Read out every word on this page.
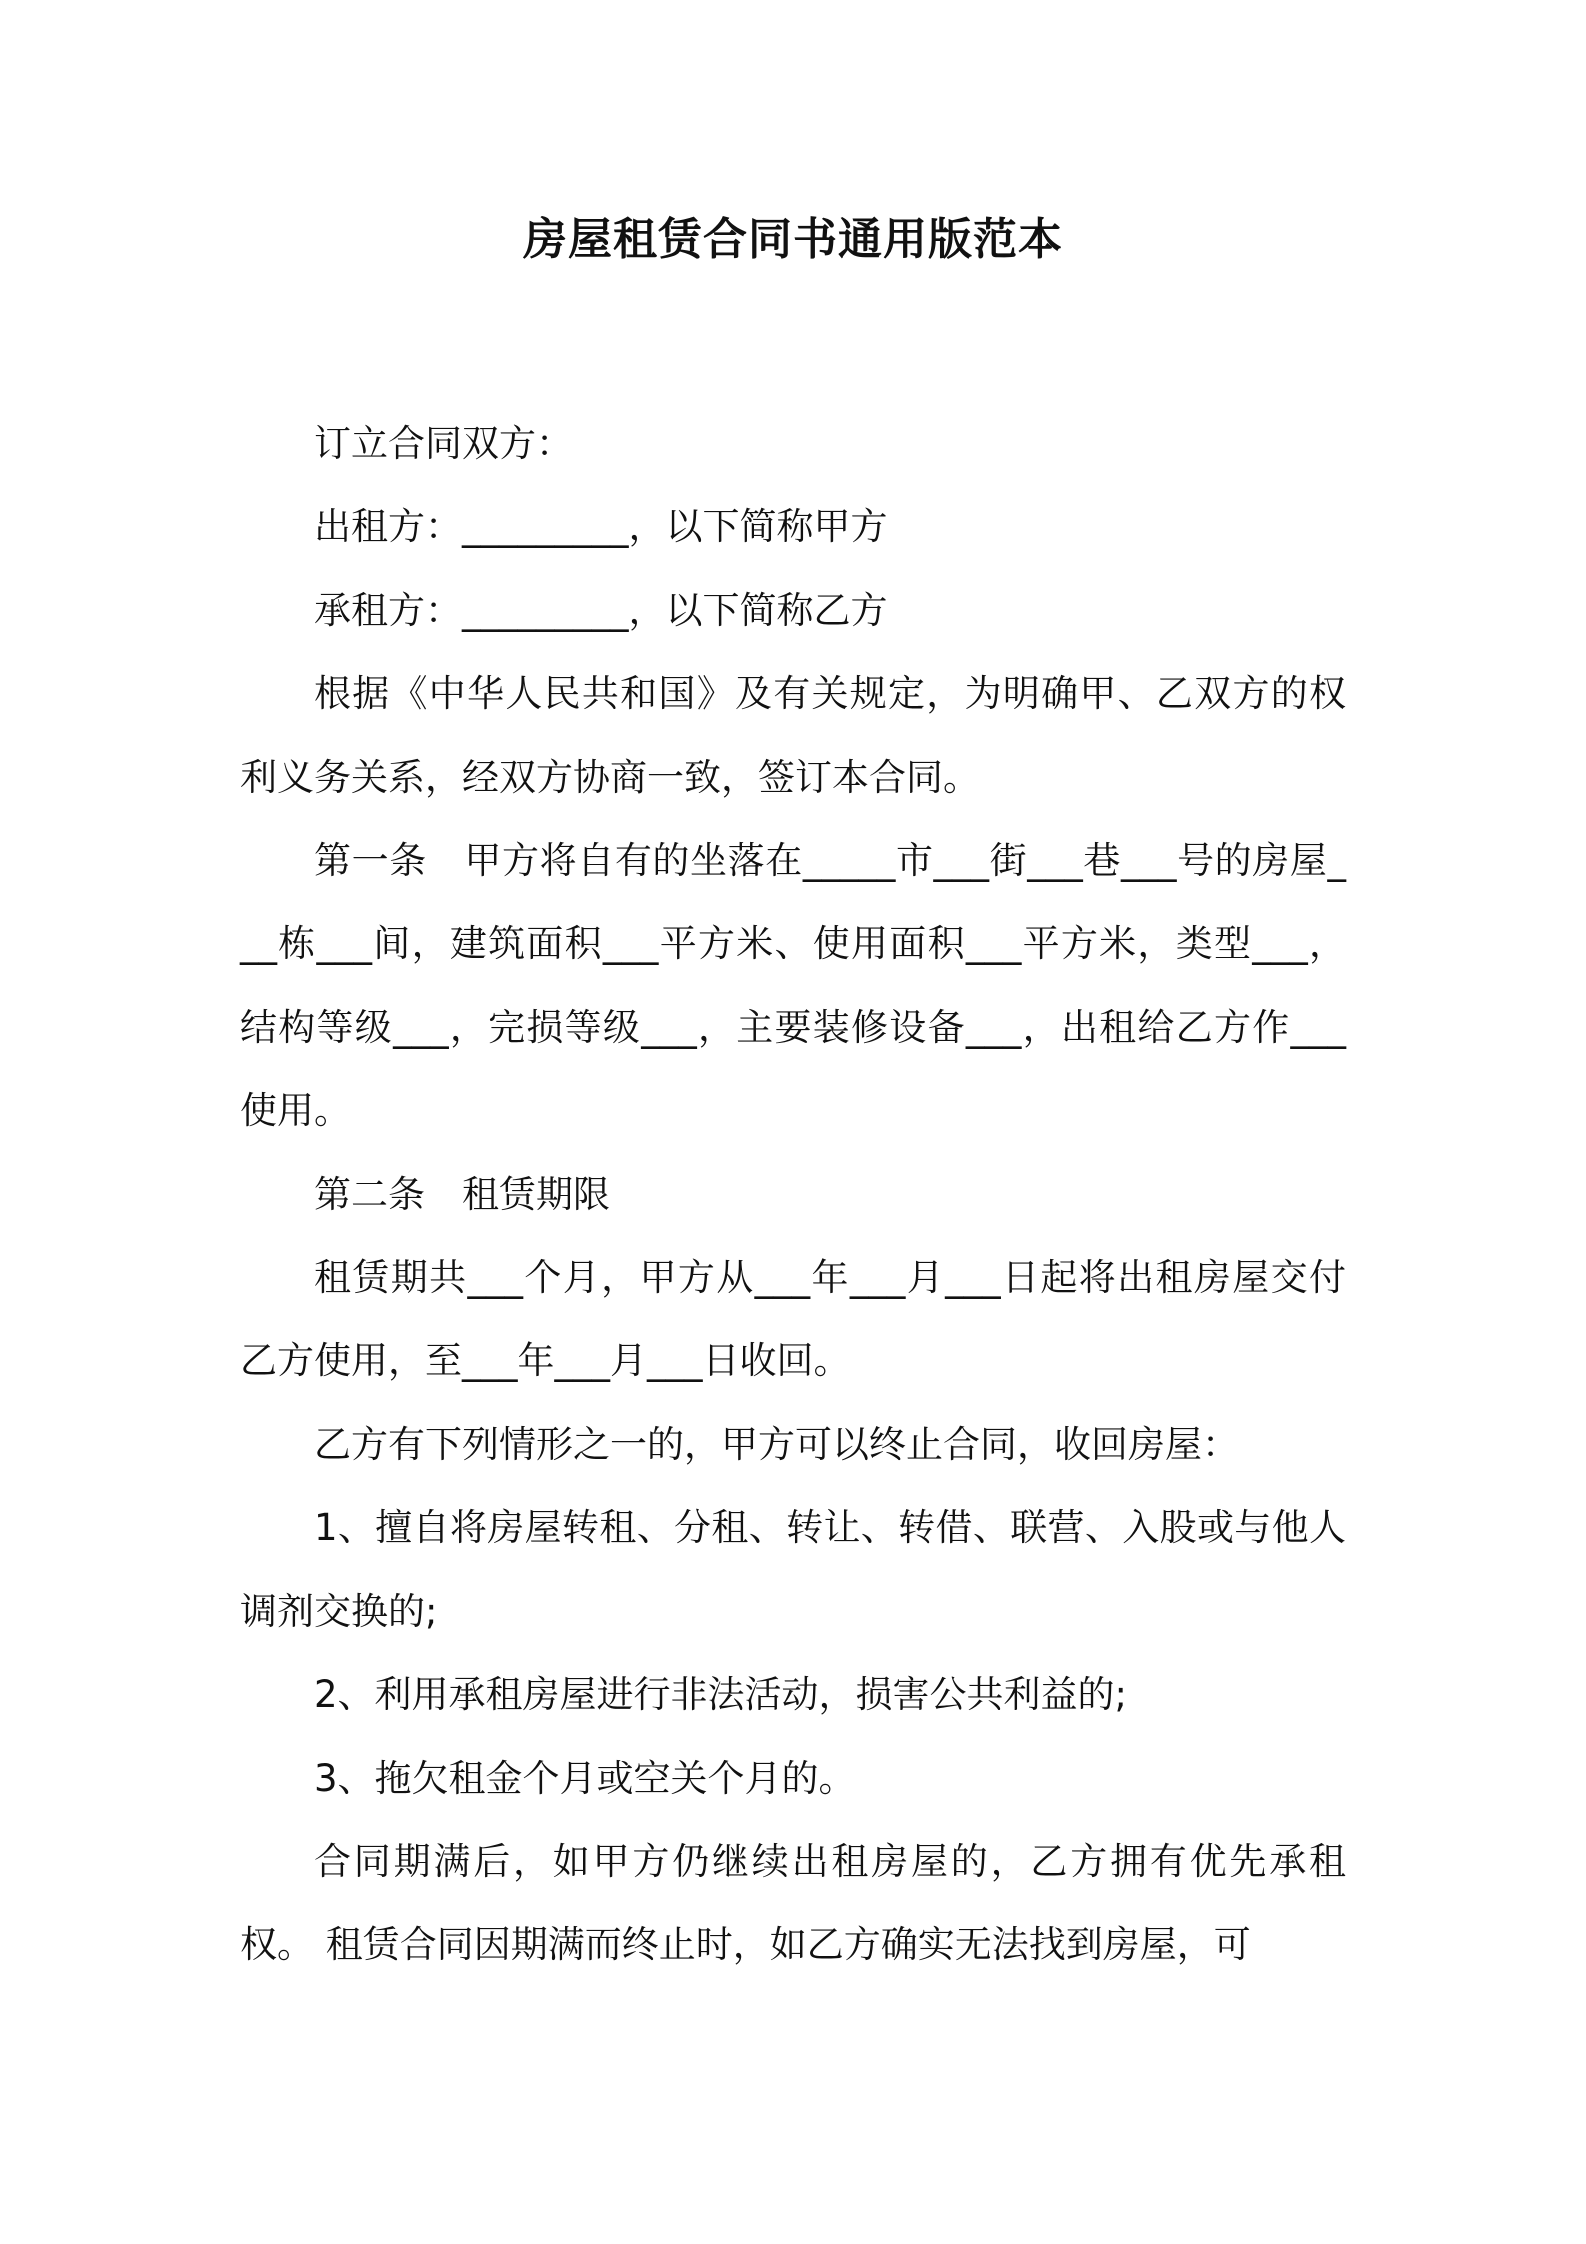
房屋租赁合同书通用版范本

订立合同双方：

出租方：_________，以下简称甲方

承租方：_________，以下简称乙方

根据《中华人民共和国》及有关规定，为明确甲、乙双方的权利义务关系，经双方协商一致，签订本合同。

第一条　甲方将自有的坐落在_____市___街___巷___号的房屋___栋___间，建筑面积___平方米、使用面积___平方米，类型___，结构等级___，完损等级___，主要装修设备___，出租给乙方作___使用。

第二条　租赁期限

租赁期共___个月，甲方从___年___月___日起将出租房屋交付乙方使用，至___年___月___日收回。

乙方有下列情形之一的，甲方可以终止合同，收回房屋：

1、擅自将房屋转租、分租、转让、转借、联营、入股或与他人调剂交换的;

2、利用承租房屋进行非法活动，损害公共利益的;

3、拖欠租金个月或空关个月的。

合同期满后，如甲方仍继续出租房屋的，乙方拥有优先承租权。 租赁合同因期满而终止时，如乙方确实无法找到房屋，可
